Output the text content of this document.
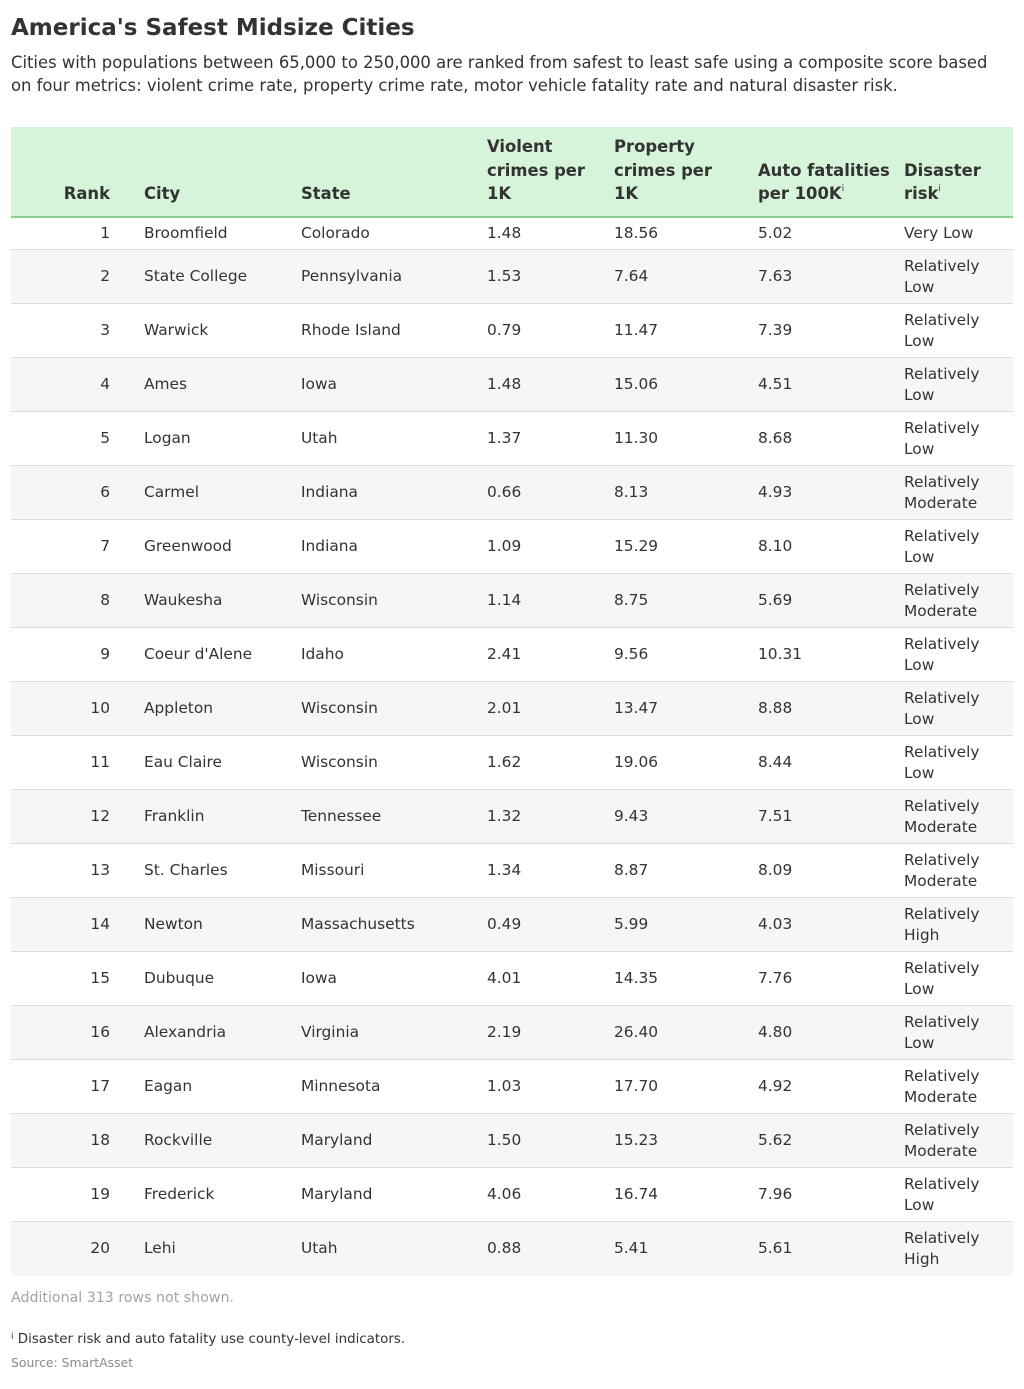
America's Safest Midsize Cities
Cities with populations between 65,000 to 250,000 are ranked from safest to least safe using a composite score based on four metrics: violent crime rate, property crime rate, motor vehicle fatality rate and natural disaster risk.
Rank	City	State	Violent crimes per 1K	Property crimes per 1K	Auto fatalities per $100K^i$	Disaster risk$^i$
1	Broomfield	Colorado	1.48	18.56	5.02	Very Low
2	State College	Pennsylvania	1.53	7.64	7.63	Relatively Low
3	Warwick	Rhode Island	0.79	11.47	7.39	Relatively Low
4	Ames	Iowa	1.48	15.06	4.51	Relatively Low
5	Logan	Utah	1.37	11.30	8.68	Relatively Low
6	Carmel	Indiana	0.66	8.13	4.93	Relatively Moderate
7	Greenwood	Indiana	1.09	15.29	8.10	Relatively Low
8	Waukesha	Wisconsin	1.14	8.75	5.69	Relatively Moderate
9	Coeur d'Alene	Idaho	2.41	9.56	10.31	Relatively Low
10	Appleton	Wisconsin	2.01	13.47	8.88	Relatively Low
11	Eau Claire	Wisconsin	1.62	19.06	8.44	Relatively Low
12	Franklin	Tennessee	1.32	9.43	7.51	Relatively Moderate
13	St. Charles	Missouri	1.34	8.87	8.09	Relatively Moderate
14	Newton	Massachusetts	0.49	5.99	4.03	Relatively High
15	Dubuque	Iowa	4.01	14.35	7.76	Relatively Low
16	Alexandria	Virginia	2.19	26.40	4.80	Relatively Low
17	Eagan	Minnesota	1.03	17.70	4.92	Relatively Moderate
18	Rockville	Maryland	1.50	15.23	5.62	Relatively Moderate
19	Frederick	Maryland	4.06	16.74	7.96	Relatively Low
20	Lehi	Utah	0.88	5.41	5.61	Relatively High
Additional 313 rows not shown.
$^i$ Disaster risk and auto fatality use county-level indicators.
Source: SmartAsset
